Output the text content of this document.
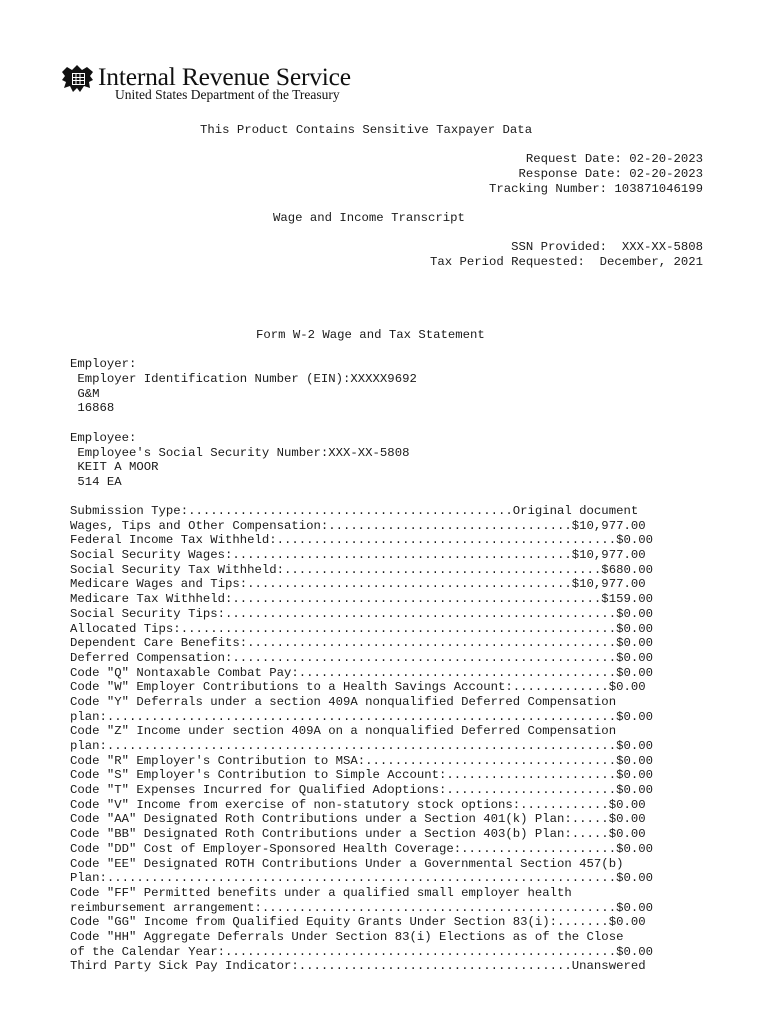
Internal Revenue Service
United States Department of the Treasury
This Product Contains Sensitive Taxpayer Data
Request Date: 02-20-2023
Response Date: 02-20-2023
Tracking Number: 103871046199
Wage and Income Transcript
SSN Provided:  XXX-XX-5808
Tax Period Requested:  December, 2021
Form W-2 Wage and Tax Statement
Employer:
Employer Identification Number (EIN):XXXXX9692
G&M
16868
Employee:
Employee's Social Security Number:XXX-XX-5808
KEIT A MOOR
514 EA
Submission Type:............................................Original document
Wages, Tips and Other Compensation:.................................$10,977.00
Federal Income Tax Withheld:..............................................$0.00
Social Security Wages:..............................................$10,977.00
Social Security Tax Withheld:...........................................$680.00
Medicare Wages and Tips:............................................$10,977.00
Medicare Tax Withheld:..................................................$159.00
Social Security Tips:.....................................................$0.00
Allocated Tips:...........................................................$0.00
Dependent Care Benefits:..................................................$0.00
Deferred Compensation:....................................................$0.00
Code "Q" Nontaxable Combat Pay:...........................................$0.00
Code "W" Employer Contributions to a Health Savings Account:.............$0.00
Code "Y" Deferrals under a section 409A nonqualified Deferred Compensation
plan:.....................................................................$0.00
Code "Z" Income under section 409A on a nonqualified Deferred Compensation
plan:.....................................................................$0.00
Code "R" Employer's Contribution to MSA:..................................$0.00
Code "S" Employer's Contribution to Simple Account:.......................$0.00
Code "T" Expenses Incurred for Qualified Adoptions:.......................$0.00
Code "V" Income from exercise of non-statutory stock options:............$0.00
Code "AA" Designated Roth Contributions under a Section 401(k) Plan:.....$0.00
Code "BB" Designated Roth Contributions under a Section 403(b) Plan:.....$0.00
Code "DD" Cost of Employer-Sponsored Health Coverage:.....................$0.00
Code "EE" Designated ROTH Contributions Under a Governmental Section 457(b)
Plan:.....................................................................$0.00
Code "FF" Permitted benefits under a qualified small employer health
reimbursement arrangement:................................................$0.00
Code "GG" Income from Qualified Equity Grants Under Section 83(i):.......$0.00
Code "HH" Aggregate Deferrals Under Section 83(i) Elections as of the Close
of the Calendar Year:.....................................................$0.00
Third Party Sick Pay Indicator:.....................................Unanswered
